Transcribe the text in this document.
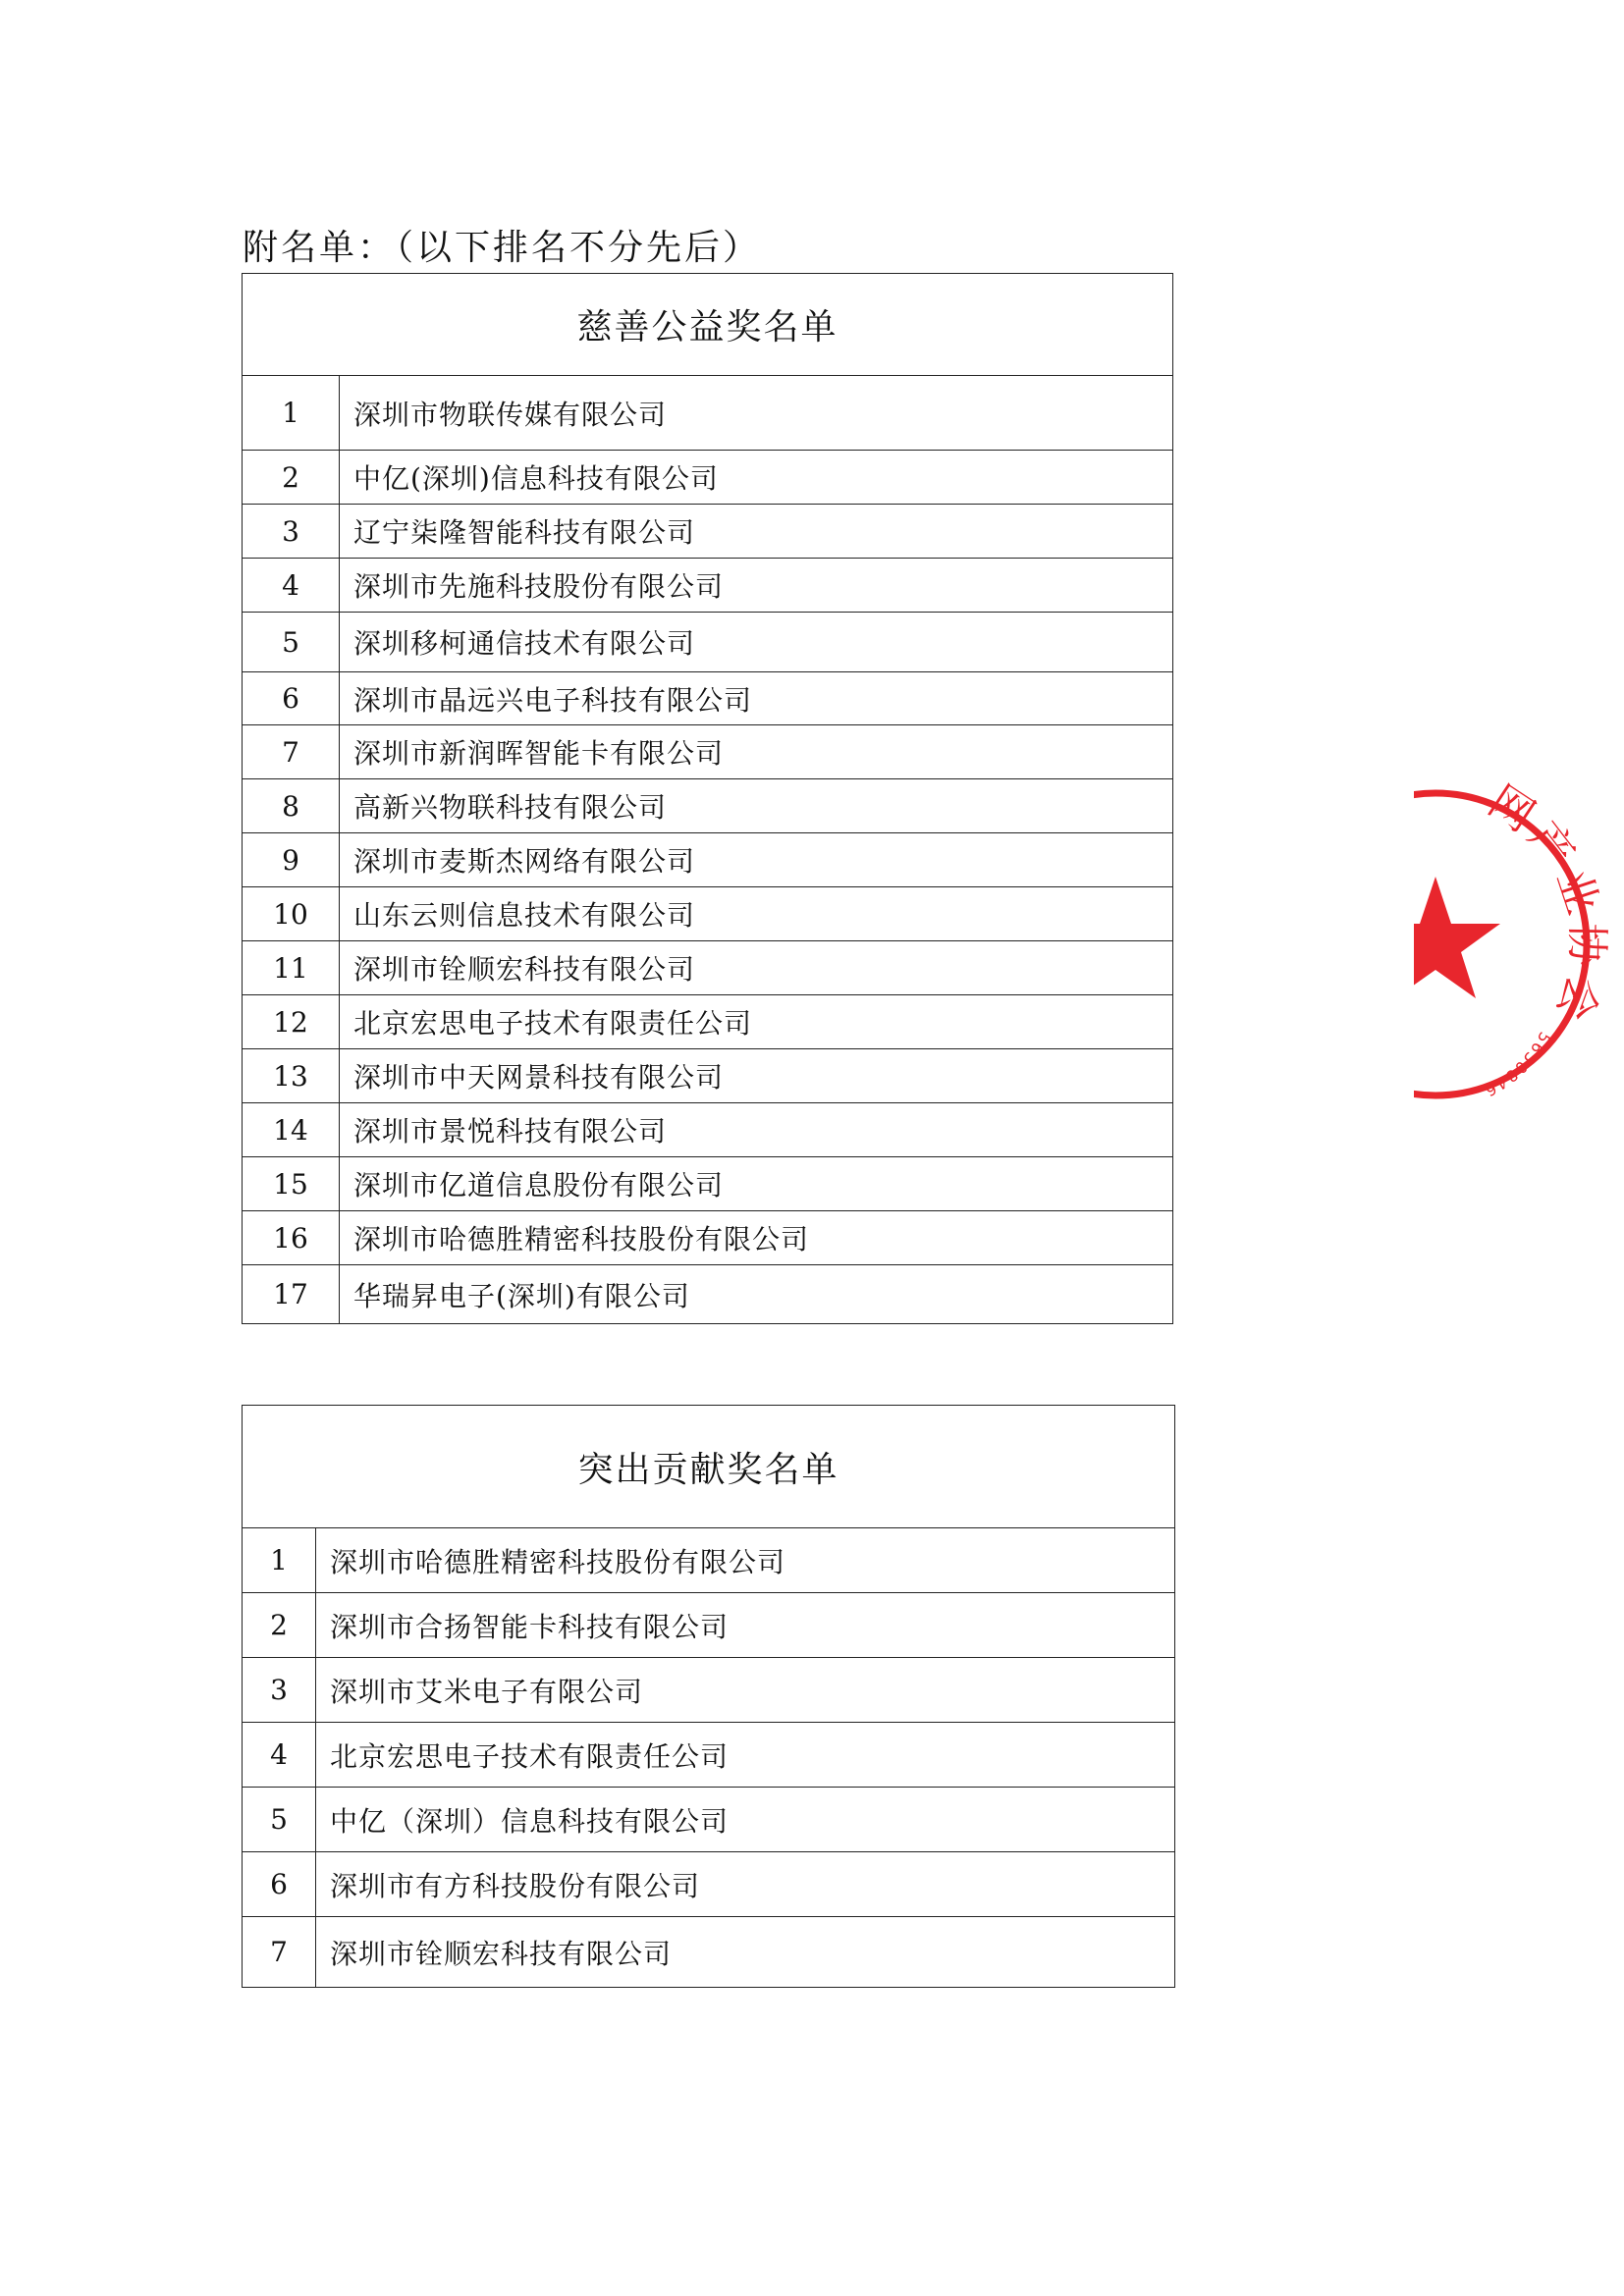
附名单：（以下排名不分先后）
慈善公益奖名单	
1	深圳市物联传媒有限公司
2	中亿(深圳)信息科技有限公司
3	辽宁柒隆智能科技有限公司
4	深圳市先施科技股份有限公司
5	深圳移柯通信技术有限公司
6	深圳市晶远兴电子科技有限公司
7	深圳市新润晖智能卡有限公司
8	高新兴物联科技有限公司
9	深圳市麦斯杰网络有限公司
10	山东云则信息技术有限公司
11	深圳市铨顺宏科技有限公司
12	北京宏思电子技术有限责任公司
13	深圳市中天网景科技有限公司
14	深圳市景悦科技有限公司
15	深圳市亿道信息股份有限公司
16	深圳市哈德胜精密科技股份有限公司
17	华瑞昇电子(深圳)有限公司
突出贡献奖名单	
1	深圳市哈德胜精密科技股份有限公司
2	深圳市合扬智能卡科技有限公司
3	深圳市艾米电子有限公司
4	北京宏思电子技术有限责任公司
5	中亿（深圳）信息科技有限公司
6	深圳市有方科技股份有限公司
7	深圳市铨顺宏科技有限公司
网产业协会
5650846
